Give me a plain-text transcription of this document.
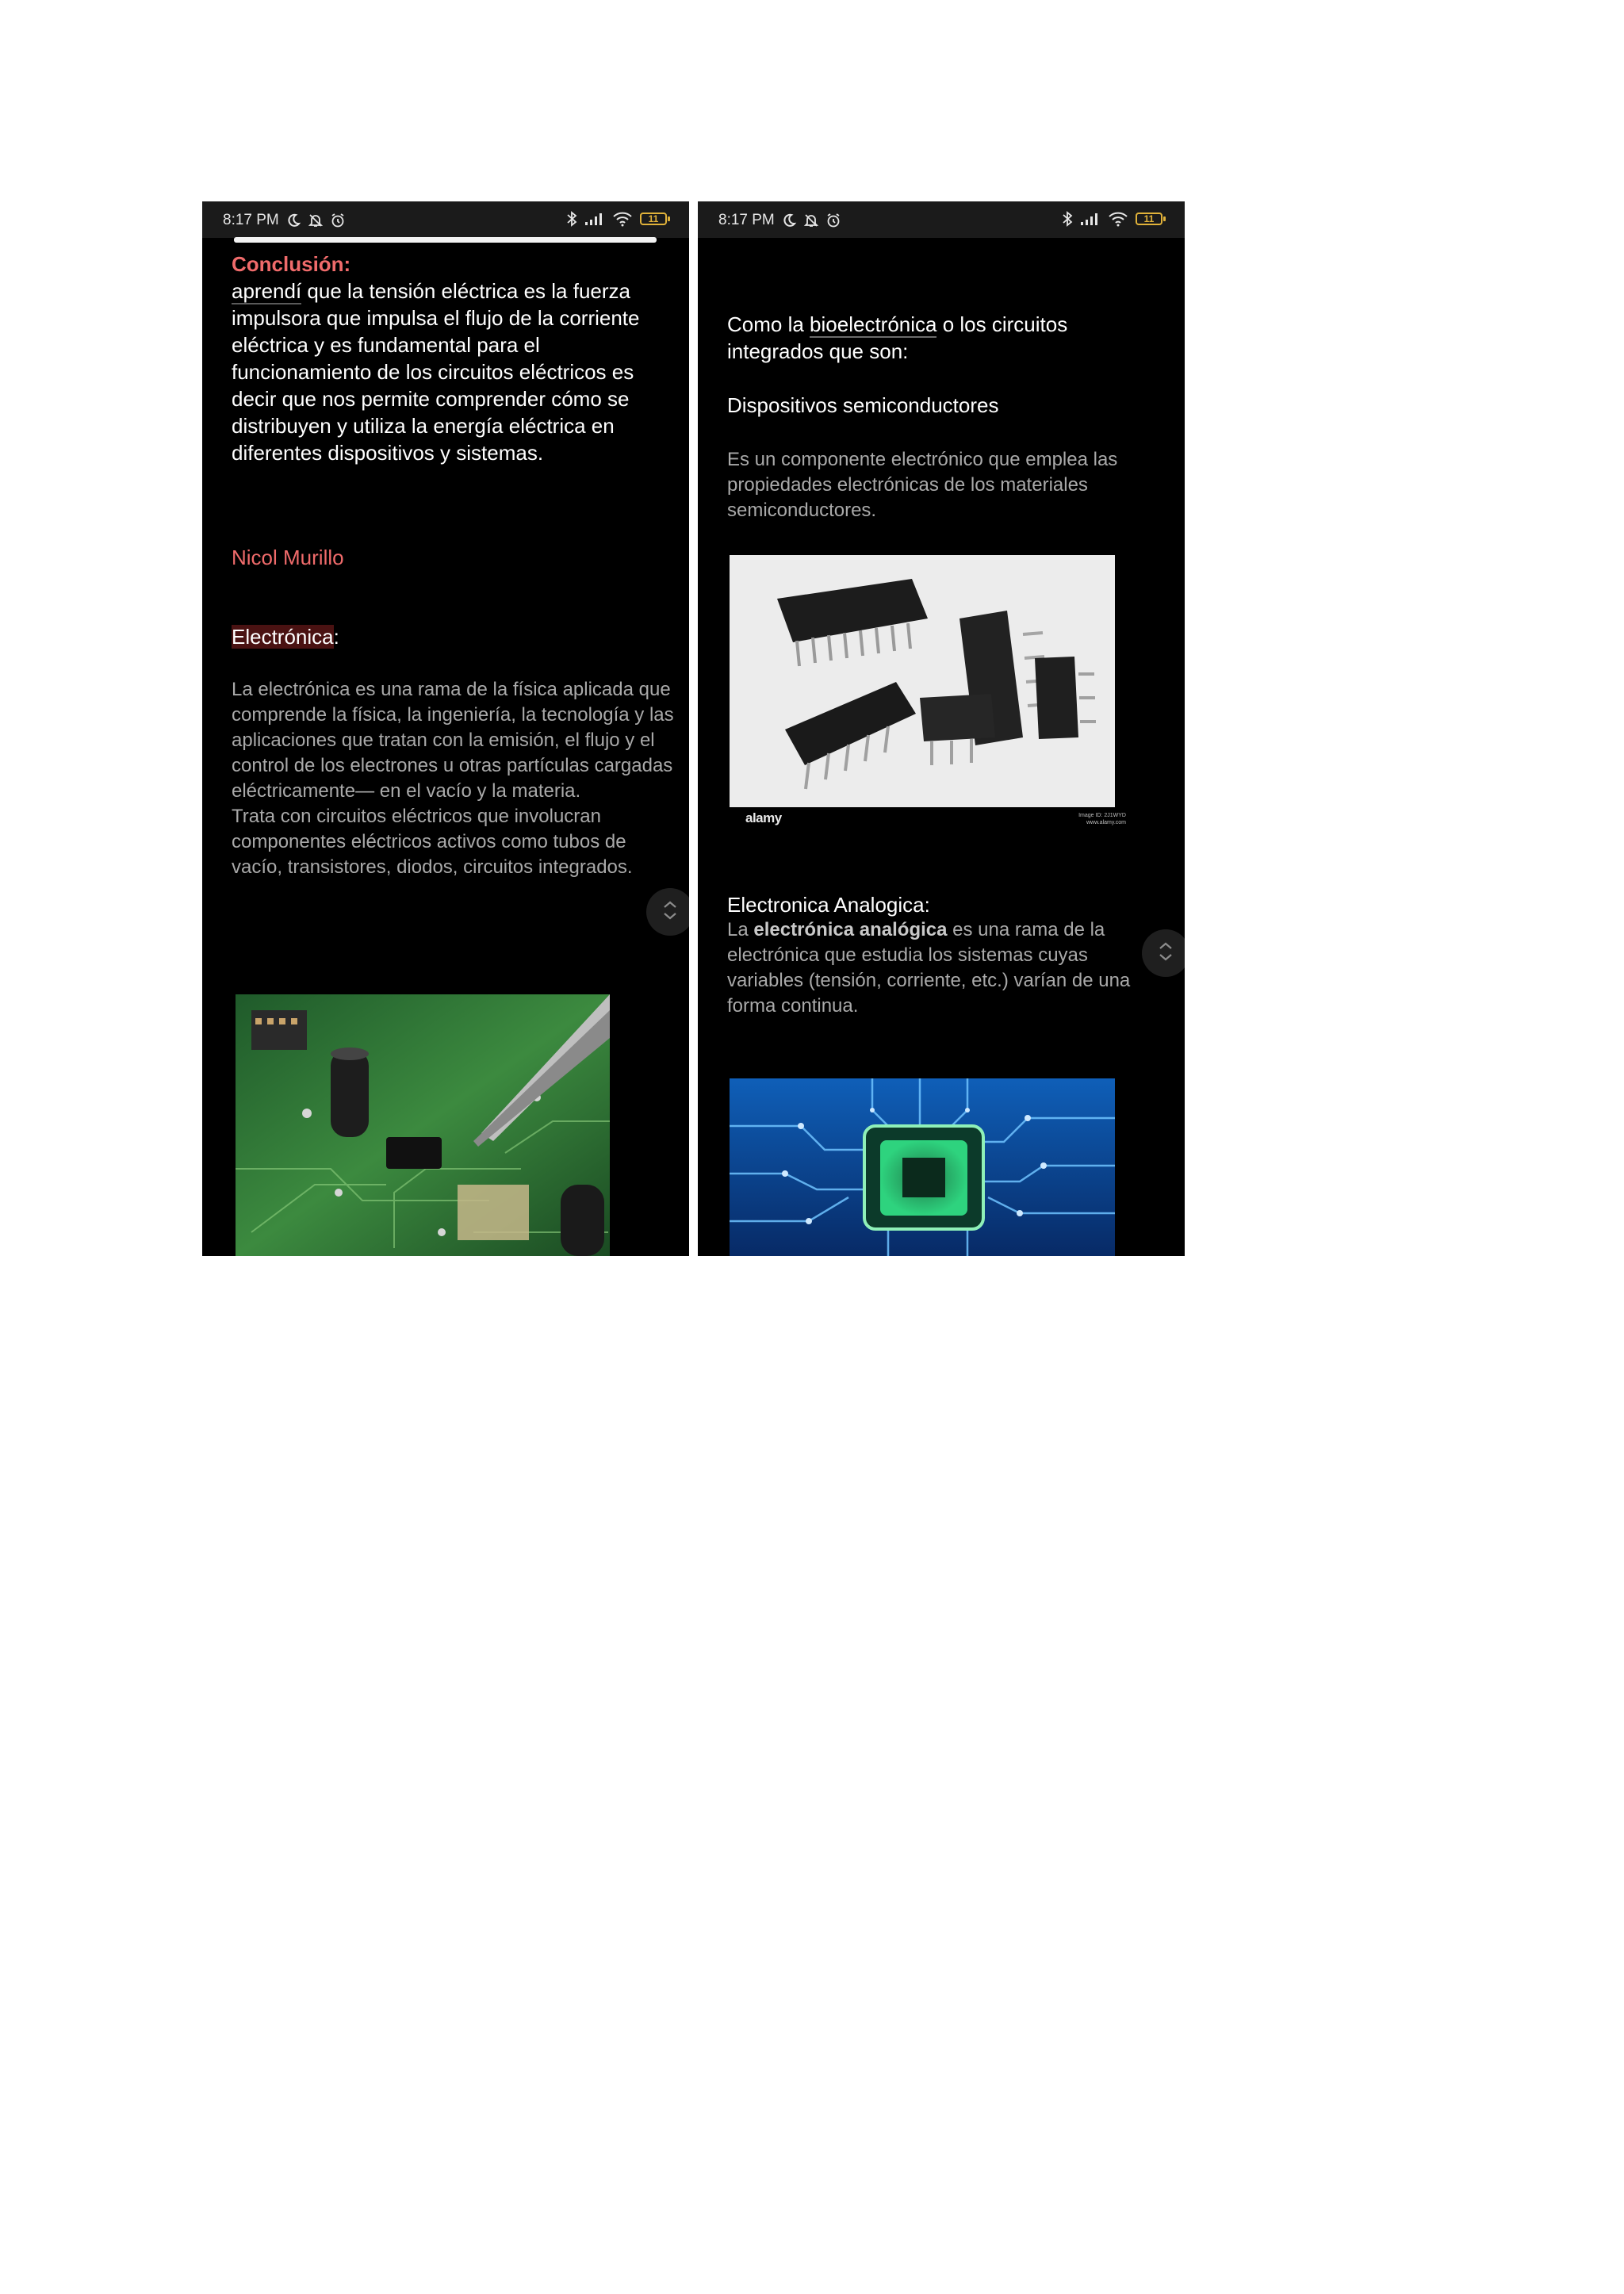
8:17 PM	11

Conclusión:

aprendí que la tensión eléctrica es la fuerza impulsora que impulsa el flujo de la corriente eléctrica y es fundamental para el funcionamiento de los circuitos eléctricos es decir que nos permite comprender cómo se distribuyen y utiliza la energía eléctrica en diferentes dispositivos y sistemas.

Nicol Murillo

Electrónica:

La electrónica es una rama de la física aplicada que comprende la física, la ingeniería, la tecnología y las aplicaciones que tratan con la emisión, el flujo y el control de los electrones u otras partículas cargadas eléctricamente— en el vacío y la materia.
Trata con circuitos eléctricos que involucran componentes eléctricos activos como tubos de vacío, transistores, diodos, circuitos integrados.

8:17 PM	11

Como la bioelectrónica o los circuitos integrados que son:

Dispositivos semiconductores

Es un componente electrónico que emplea las propiedades electrónicas de los materiales semiconductores.

alamy	Image ID: 2J1WYD
www.alamy.com

Electronica Analogica:

La electrónica analógica es una rama de la electrónica que estudia los sistemas cuyas variables (tensión, corriente, etc.) varían de una forma continua.
